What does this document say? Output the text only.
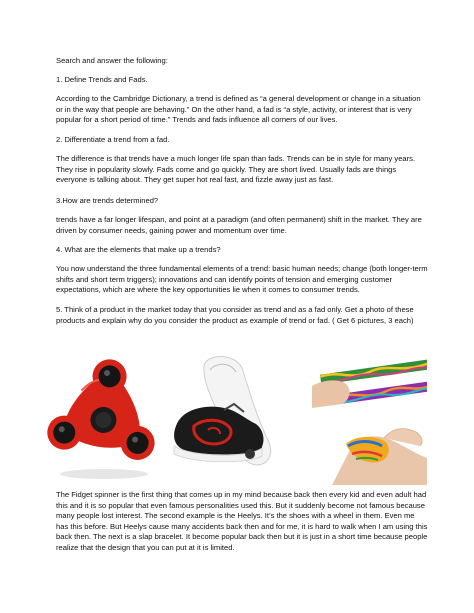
Search and answer the following:

1. Define Trends and Fads.

According to the Cambridge Dictionary, a trend is defined as “a general development or change in a situation or in the way that people are behaving.” On the other hand, a fad is “a style, activity, or interest that is very popular for a short period of time.” Trends and fads influence all corners of our lives.

2. Differentiate a trend from a fad.

The difference is that trends have a much longer life span than fads. Trends can be in style for many years. They rise in popularity slowly. Fads come and go quickly. They are short lived. Usually fads are things everyone is talking about. They get super hot real fast, and fizzle away just as fast.

3.How are trends determined?

trends have a far longer lifespan, and point at a paradigm (and often permanent) shift in the market. They are driven by consumer needs, gaining power and momentum over time.

4. What are the elements that make up a trends?

You now understand the three fundamental elements of a trend: basic human needs; change (both longer-term shifts and short term triggers); innovations and can identify points of tension and emerging customer expectations, which are where the key opportunities lie when it comes to consumer trends.

5. Think of a product in the market today that you consider as trend and as a fad only. Get a photo of these products and explain why do you consider the product as example of trend or fad. ( Get 6 pictures, 3 each)

The Fidget spinner is the first thing that comes up in my mind because back then every kid and even adult had this and it is so popular that even famous personalities used this. But it suddenly become not famous because many people lost interest. The second example is the Heelys. It’s the shoes with a wheel in them. Even me has this before. But Heelys cause many accidents back then and for me, it is hard to walk when I am using this back then. The next is a slap bracelet. It become popular back then but it is just in a short time because people realize that the design that you can put at it is limited.
